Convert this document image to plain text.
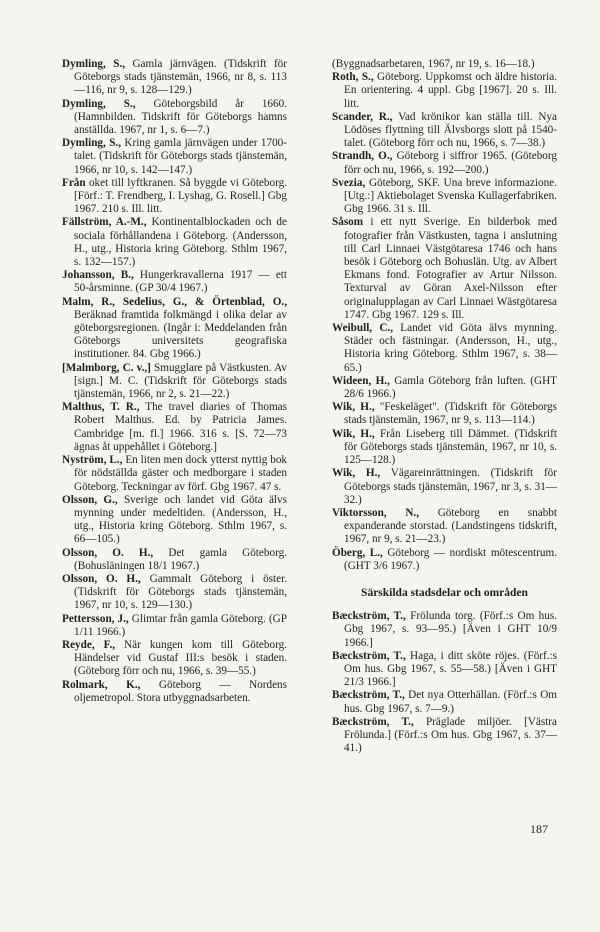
Dymling, S., Gamla järnvägen. (Tidskrift för Göteborgs stads tjänstemän, 1966, nr 8, s. 113—116, nr 9, s. 128—129.)

Dymling, S., Göteborgsbild år 1660. (Hamnbilden. Tidskrift för Göteborgs hamns anställda. 1967, nr 1, s. 6—7.)

Dymling, S., Kring gamla järnvägen under 1700-talet. (Tidskrift för Göteborgs stads tjänstemän, 1966, nr 10, s. 142—147.)

Från oket till lyftkranen. Så byggde vi Göteborg. [Förf.: T. Frendberg, I. Lyshag, G. Rosell.] Gbg 1967. 210 s. Ill. litt.

Fällström, A.-M., Kontinentalblockaden och de sociala förhållandena i Göteborg. (Andersson, H., utg., Historia kring Göteborg. Sthlm 1967, s. 132—157.)

Johansson, B., Hungerkravallerna 1917 — ett 50-årsminne. (GP 30/4 1967.)

Malm, R., Sedelius, G., & Örtenblad, O., Beräknad framtida folkmängd i olika delar av göteborgsregionen. (Ingår i: Meddelanden från Göteborgs universitets geografiska institutioner. 84. Gbg 1966.)

[Malmborg, C. v.,] Smugglare på Västkusten. Av [sign.] M. C. (Tidskrift för Göteborgs stads tjänstemän, 1966, nr 2, s. 21—22.)

Malthus, T. R., The travel diaries of Thomas Robert Malthus. Ed. by Patricia James. Cambridge [m. fl.] 1966. 316 s. [S. 72—73 ägnas åt uppehållet i Göteborg.]

Nyström, L., En liten men dock ytterst nyttig bok för nödställda gäster och medborgare i staden Göteborg. Teckningar av förf. Gbg 1967. 47 s.

Olsson, G., Sverige och landet vid Göta älvs mynning under medeltiden. (Andersson, H., utg., Historia kring Göteborg. Sthlm 1967, s. 66—105.)

Olsson, O. H., Det gamla Göteborg. (Bohusläningen 18/1 1967.)

Olsson, O. H., Gammalt Göteborg i öster. (Tidskrift för Göteborgs stads tjänstemän, 1967, nr 10, s. 129—130.)

Pettersson, J., Glimtar från gamla Göteborg. (GP 1/11 1966.)

Reyde, F., När kungen kom till Göteborg. Händelser vid Gustaf III:s besök i staden. (Göteborg förr och nu, 1966, s. 39—55.)

Rolmark, K., Göteborg — Nordens oljemetropol. Stora utbyggnadsarbeten.

(Byggnadsarbetaren, 1967, nr 19, s. 16—18.)

Roth, S., Göteborg. Uppkomst och äldre historia. En orientering. 4 uppl. Gbg [1967]. 20 s. Ill. litt.

Scander, R., Vad krönikor kan ställa till. Nya Lödöses flyttning till Älvsborgs slott på 1540-talet. (Göteborg förr och nu, 1966, s. 7—38.)

Strandh, O., Göteborg i siffror 1965. (Göteborg förr och nu, 1966, s. 192—200.)

Svezia, Göteborg, SKF. Una breve informazione. [Utg.:] Aktiebolaget Svenska Kullagerfabriken. Gbg 1966. 31 s. Ill.

Såsom i ett nytt Sverige. En bilderbok med fotografier från Västkusten, tagna i anslutning till Carl Linnaei Västgötaresa 1746 och hans besök i Göteborg och Bohuslän. Utg. av Albert Ekmans fond. Fotografier av Artur Nilsson. Texturval av Göran Axel-Nilsson efter originalupplagan av Carl Linnaei Wästgötaresa 1747. Gbg 1967. 129 s. Ill.

Weibull, C., Landet vid Göta älvs mynning. Städer och fästningar. (Andersson, H., utg., Historia kring Göteborg. Sthlm 1967, s. 38—65.)

Wideen, H., Gamla Göteborg från luften. (GHT 28/6 1966.)

Wik, H., "Feskeläget". (Tidskrift för Göteborgs stads tjänstemän, 1967, nr 9, s. 113—114.)

Wik, H., Från Liseberg till Dämmet. (Tidskrift för Göteborgs stads tjänstemän, 1967, nr 10, s. 125—128.)

Wik, H., Vägareinrättningen. (Tidskrift för Göteborgs stads tjänstemän, 1967, nr 3, s. 31—32.)

Viktorsson, N., Göteborg en snabbt expanderande storstad. (Landstingens tidskrift, 1967, nr 9, s. 21—23.)

Öberg, L., Göteborg — nordiskt mötescentrum. (GHT 3/6 1967.)

Särskilda stadsdelar och områden

Bæckström, T., Frölunda torg. (Förf.:s Om hus. Gbg 1967, s. 93—95.) [Även i GHT 10/9 1966.]

Bæckström, T., Haga, i ditt sköte röjes. (Förf.:s Om hus. Gbg 1967, s. 55—58.) [Även i GHT 21/3 1966.]

Bæckström, T., Det nya Otterhällan. (Förf.:s Om hus. Gbg 1967, s. 7—9.)

Bæckström, T., Präglade miljöer. [Västra Frölunda.] (Förf.:s Om hus. Gbg 1967, s. 37—41.)

187
